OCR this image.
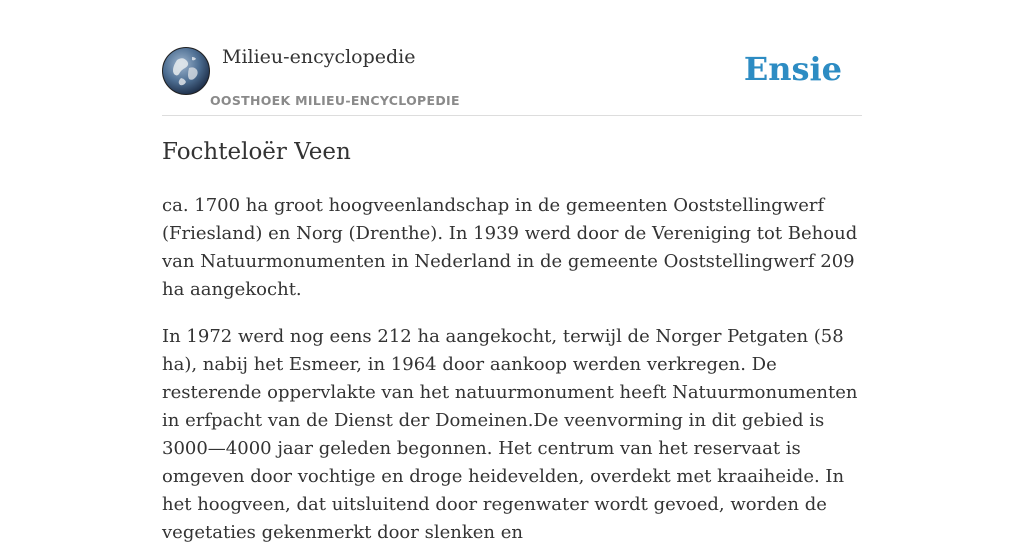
Milieu-encyclopedie
OOSTHOEK MILIEU-ENCYCLOPEDIE
Ensie
Fochteloër Veen

ca. 1700 ha groot hoogveenlandschap in de gemeenten Ooststellingwerf (Friesland) en Norg (Drenthe). In 1939 werd door de Vereniging tot Behoud van Natuurmonumenten in Nederland in de gemeente Ooststellingwerf 209 ha aangekocht.

In 1972 werd nog eens 212 ha aangekocht, terwijl de Norger Petgaten (58 ha), nabij het Esmeer, in 1964 door aankoop werden verkregen. De resterende oppervlakte van het natuurmonument heeft Natuurmonumenten in erfpacht van de Dienst der Domeinen.De veenvorming in dit gebied is 3000—4000 jaar geleden begonnen. Het centrum van het reservaat is omgeven door vochtige en droge heidevelden, overdekt met kraaiheide. In het hoogveen, dat uitsluitend door regenwater wordt gevoed, worden de vegetaties gekenmerkt door slenken en
